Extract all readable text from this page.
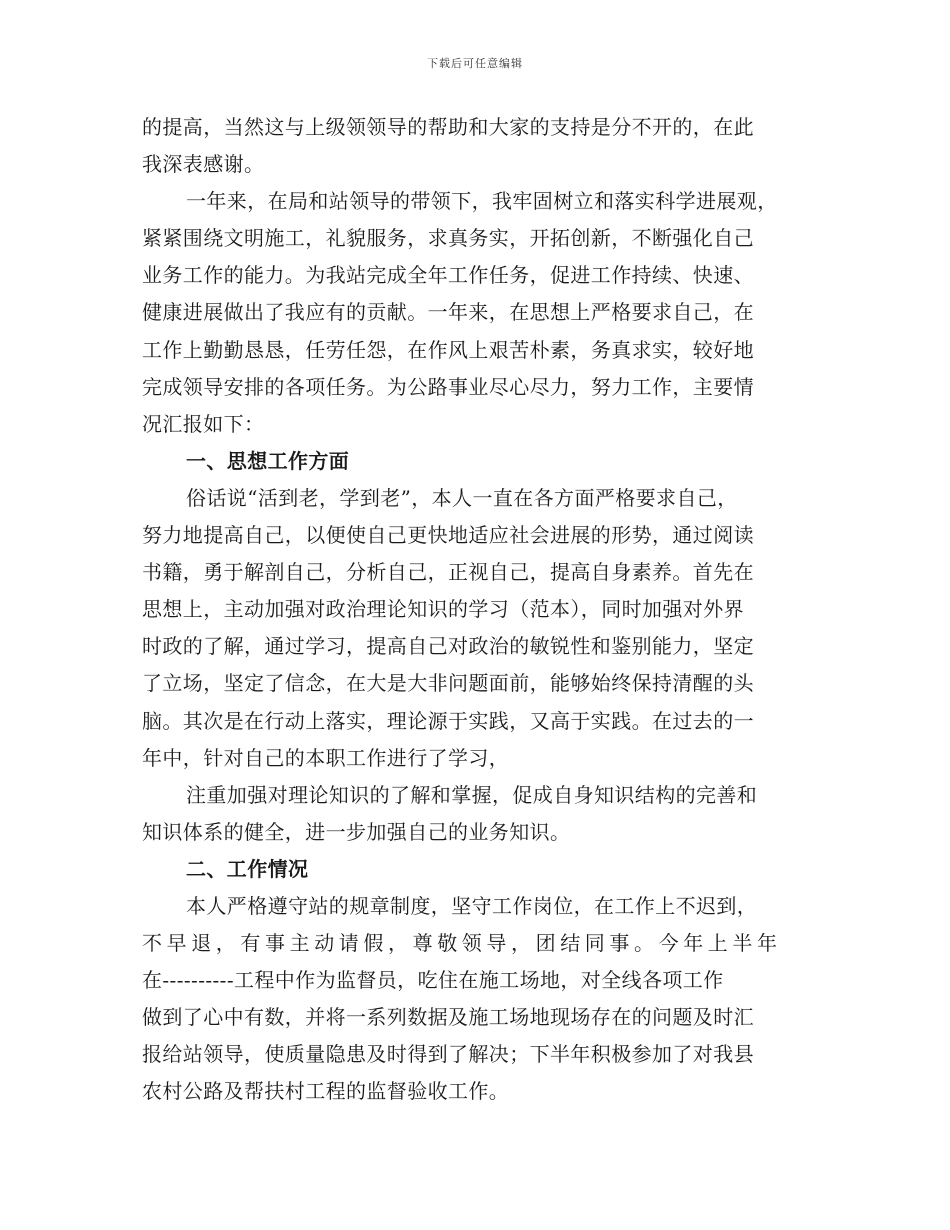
下载后可任意编辑
的提高，当然这与上级领领导的帮助和大家的支持是分不开的，在此
我深表感谢。
一年来，在局和站领导的带领下，我牢固树立和落实科学进展观，
紧紧围绕文明施工，礼貌服务，求真务实，开拓创新，不断强化自己
业务工作的能力。为我站完成全年工作任务，促进工作持续、快速、
健康进展做出了我应有的贡献。一年来，在思想上严格要求自己，在
工作上勤勤恳恳，任劳任怨，在作风上艰苦朴素，务真求实，较好地
完成领导安排的各项任务。为公路事业尽心尽力，努力工作，主要情
况汇报如下：
一、思想工作方面
俗话说“活到老，学到老”，本人一直在各方面严格要求自己，
努力地提高自己，以便使自己更快地适应社会进展的形势，通过阅读
书籍，勇于解剖自己，分析自己，正视自己，提高自身素养。首先在
思想上，主动加强对政治理论知识的学习（范本），同时加强对外界
时政的了解，通过学习，提高自己对政治的敏锐性和鉴别能力，坚定
了立场，坚定了信念，在大是大非问题面前，能够始终保持清醒的头
脑。其次是在行动上落实，理论源于实践，又高于实践。在过去的一
年中，针对自己的本职工作进行了学习，
注重加强对理论知识的了解和掌握，促成自身知识结构的完善和
知识体系的健全，进一步加强自己的业务知识。
二、工作情况
本人严格遵守站的规章制度，坚守工作岗位，在工作上不迟到，
不早退，有事主动请假，尊敬领导，团结同事。今年上半年
在----------工程中作为监督员，吃住在施工场地，对全线各项工作
做到了心中有数，并将一系列数据及施工场地现场存在的问题及时汇
报给站领导，使质量隐患及时得到了解决；下半年积极参加了对我县
农村公路及帮扶村工程的监督验收工作。
